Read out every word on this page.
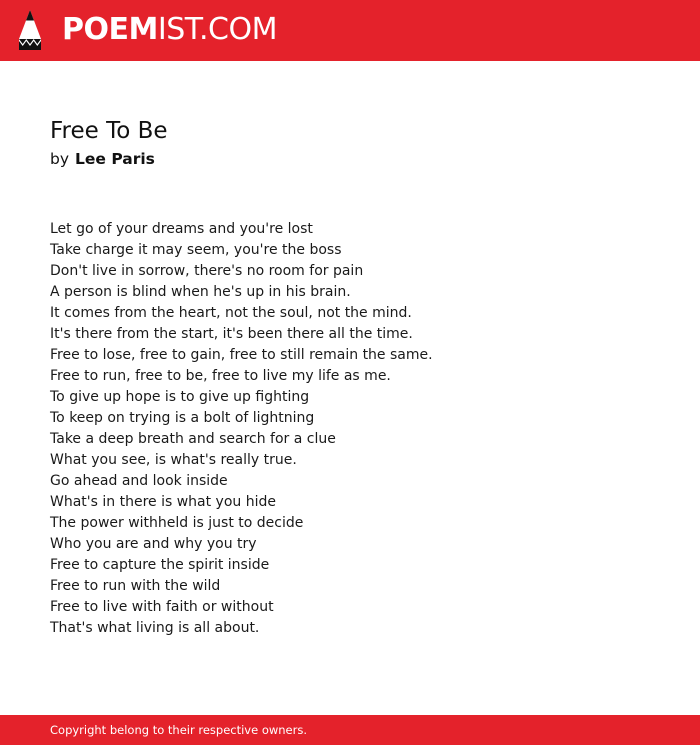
POEMIST.COM
Free To Be
by Lee Paris
Let go of your dreams and you're lost
Take charge it may seem, you're the boss
Don't live in sorrow, there's no room for pain
A person is blind when he's up in his brain.
It comes from the heart, not the soul, not the mind.
It's there from the start, it's been there all the time.
Free to lose, free to gain, free to still remain the same.
Free to run, free to be, free to live my life as me.
To give up hope is to give up fighting
To keep on trying is a bolt of lightning
Take a deep breath and search for a clue
What you see, is what's really true.
Go ahead and look inside
What's in there is what you hide
The power withheld is just to decide
Who you are and why you try
Free to capture the spirit inside
Free to run with the wild
Free to live with faith or without
That's what living is all about.
Copyright belong to their respective owners.
